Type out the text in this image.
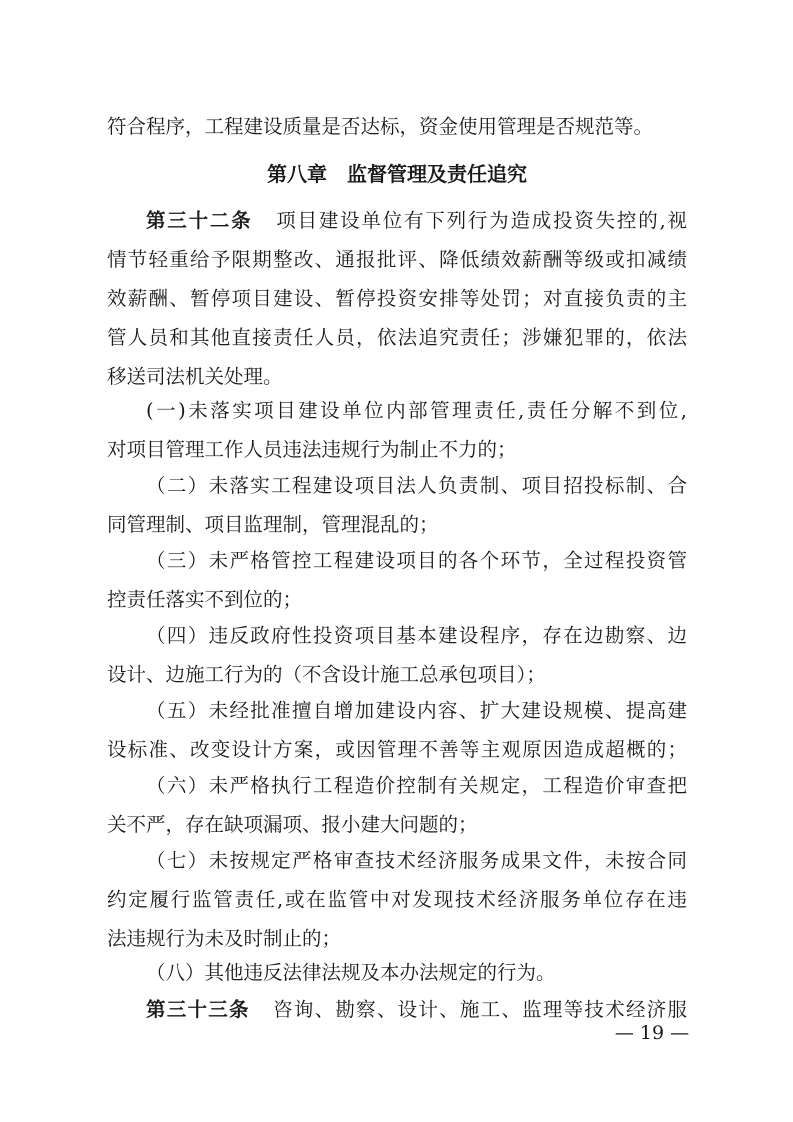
符合程序，工程建设质量是否达标，资金使用管理是否规范等。
第八章　监督管理及责任追究
第三十二条 项目建设单位有下列行为造成投资失控的,视
情节轻重给予限期整改、通报批评、降低绩效薪酬等级或扣减绩
效薪酬、暂停项目建设、暂停投资安排等处罚；对直接负责的主
管人员和其他直接责任人员，依法追究责任；涉嫌犯罪的，依法
移送司法机关处理。
(一)未落实项目建设单位内部管理责任,责任分解不到位,
对项目管理工作人员违法违规行为制止不力的；
（二）未落实工程建设项目法人负责制、项目招投标制、合
同管理制、项目监理制，管理混乱的；
（三）未严格管控工程建设项目的各个环节，全过程投资管
控责任落实不到位的；
（四）违反政府性投资项目基本建设程序，存在边勘察、边
设计、边施工行为的（不含设计施工总承包项目）；
（五）未经批准擅自增加建设内容、扩大建设规模、提高建
设标准、改变设计方案，或因管理不善等主观原因造成超概的；
（六）未严格执行工程造价控制有关规定，工程造价审查把
关不严，存在缺项漏项、报小建大问题的；
（七）未按规定严格审查技术经济服务成果文件，未按合同
约定履行监管责任,或在监管中对发现技术经济服务单位存在违
法违规行为未及时制止的；
（八）其他违反法律法规及本办法规定的行为。
第三十三条 咨询、勘察、设计、施工、监理等技术经济服
— 19 —
